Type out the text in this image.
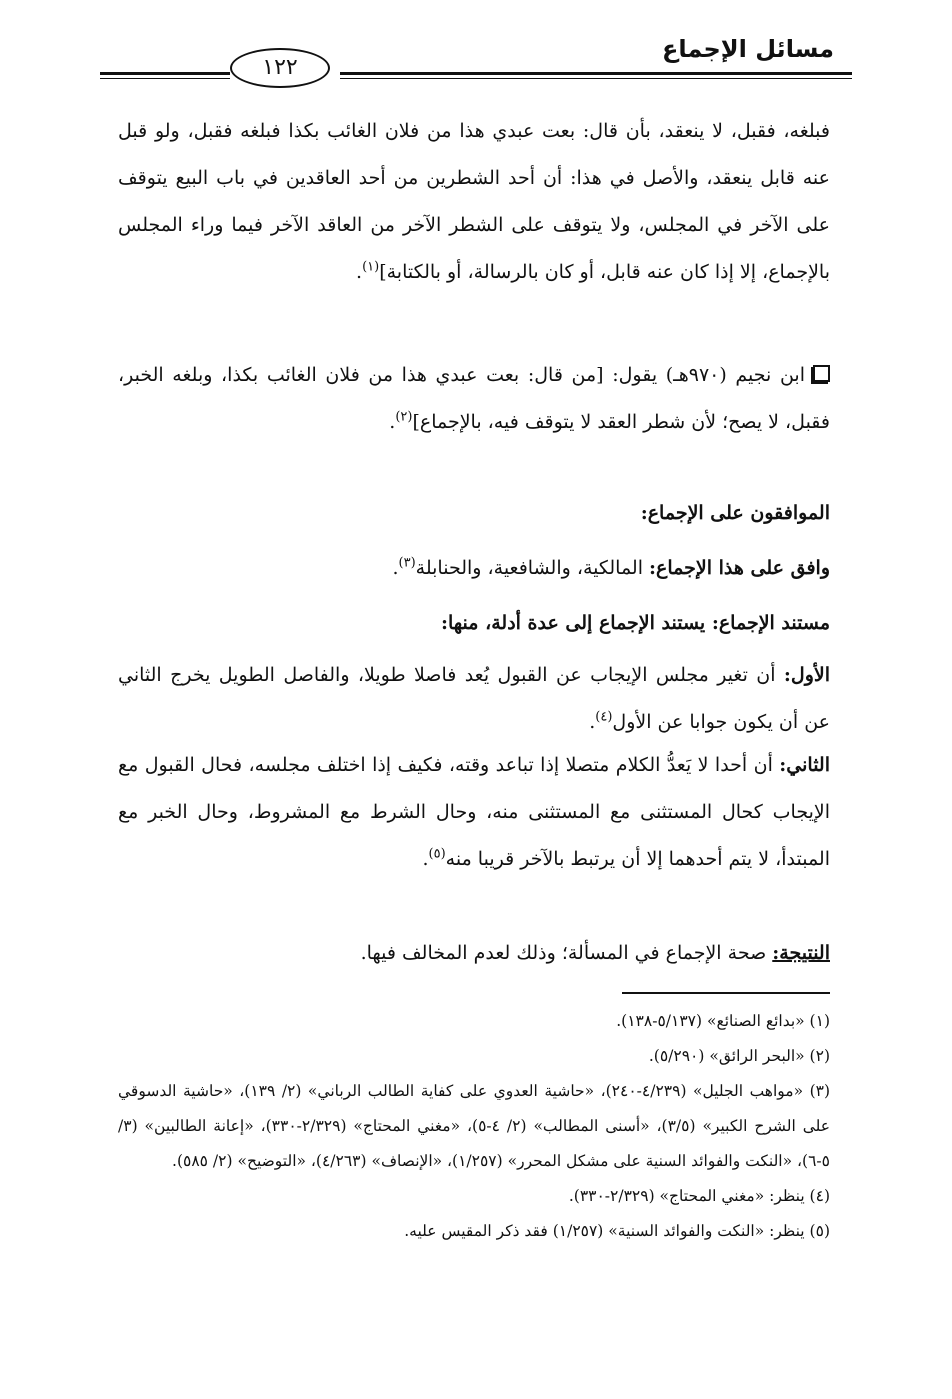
مسائل الإجماع
١٢٢

فبلغه، فقبل، لا ينعقد، بأن قال: بعت عبدي هذا من فلان الغائب بكذا فبلغه فقبل، ولو قبل عنه قابل ينعقد، والأصل في هذا: أن أحد الشطرين من أحد العاقدين في باب البيع يتوقف على الآخر في المجلس، ولا يتوقف على الشطر الآخر من العاقد الآخر فيما وراء المجلس بالإجماع، إلا إذا كان عنه قابل، أو كان بالرسالة، أو بالكتابة]$^{(١)}$.

ابن نجيم (٩٧٠هـ) يقول: [من قال: بعت عبدي هذا من فلان الغائب بكذا، وبلغه الخبر، فقبل، لا يصح؛ لأن شطر العقد لا يتوقف فيه، بالإجماع]$^{(٢)}$.

الموافقون على الإجماع:

وافق على هذا الإجماع: المالكية، والشافعية، والحنابلة$^{(٣)}$.

مستند الإجماع: يستند الإجماع إلى عدة أدلة، منها:

الأول: أن تغير مجلس الإيجاب عن القبول يُعد فاصلا طويلا، والفاصل الطويل يخرج الثاني عن أن يكون جوابا عن الأول$^{(٤)}$.

الثاني: أن أحدا لا يَعدُّ الكلام متصلا إذا تباعد وقته، فكيف إذا اختلف مجلسه، فحال القبول مع الإيجاب كحال المستثنى مع المستثنى منه، وحال الشرط مع المشروط، وحال الخبر مع المبتدأ، لا يتم أحدهما إلا أن يرتبط بالآخر قريبا منه$^{(٥)}$.

النتيجة: صحة الإجماع في المسألة؛ وذلك لعدم المخالف فيها.

(١) «بدائع الصنائع» (٥/١٣٧-١٣٨).

(٢) «البحر الرائق» (٥/٢٩٠).

(٣) «مواهب الجليل» (٤/٢٣٩-٢٤٠)، «حاشية العدوي على كفاية الطالب الرباني» (٢/ ١٣٩)، «حاشية الدسوقي على الشرح الكبير» (٣/٥)، «أسنى المطالب» (٢/ ٤-٥)، «مغني المحتاج» (٢/٣٢٩-٣٣٠)، «إعانة الطالبين» (٣/ ٥-٦)، «النكت والفوائد السنية على مشكل المحرر» (١/٢٥٧)، «الإنصاف» (٤/٢٦٣)، «التوضيح» (٢/ ٥٨٥).

(٤) ينظر: «مغني المحتاج» (٢/٣٢٩-٣٣٠).

(٥) ينظر: «النكت والفوائد السنية» (١/٢٥٧) فقد ذكر المقيس عليه.
